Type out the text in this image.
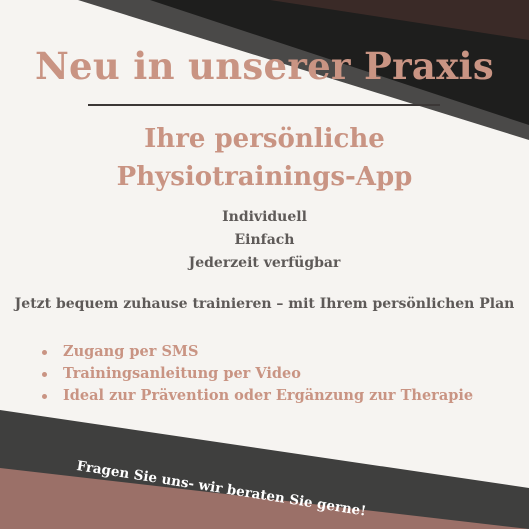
Neu in unserer Praxis
Ihre persönliche
Physiotrainings-App
Individuell
Einfach
Jederzeit verfügbar
Jetzt bequem zuhause trainieren – mit Ihrem persönlichen Plan
Zugang per SMS
Trainingsanleitung per Video
Ideal zur Prävention oder Ergänzung zur Therapie
Fragen Sie uns- wir beraten Sie gerne!
